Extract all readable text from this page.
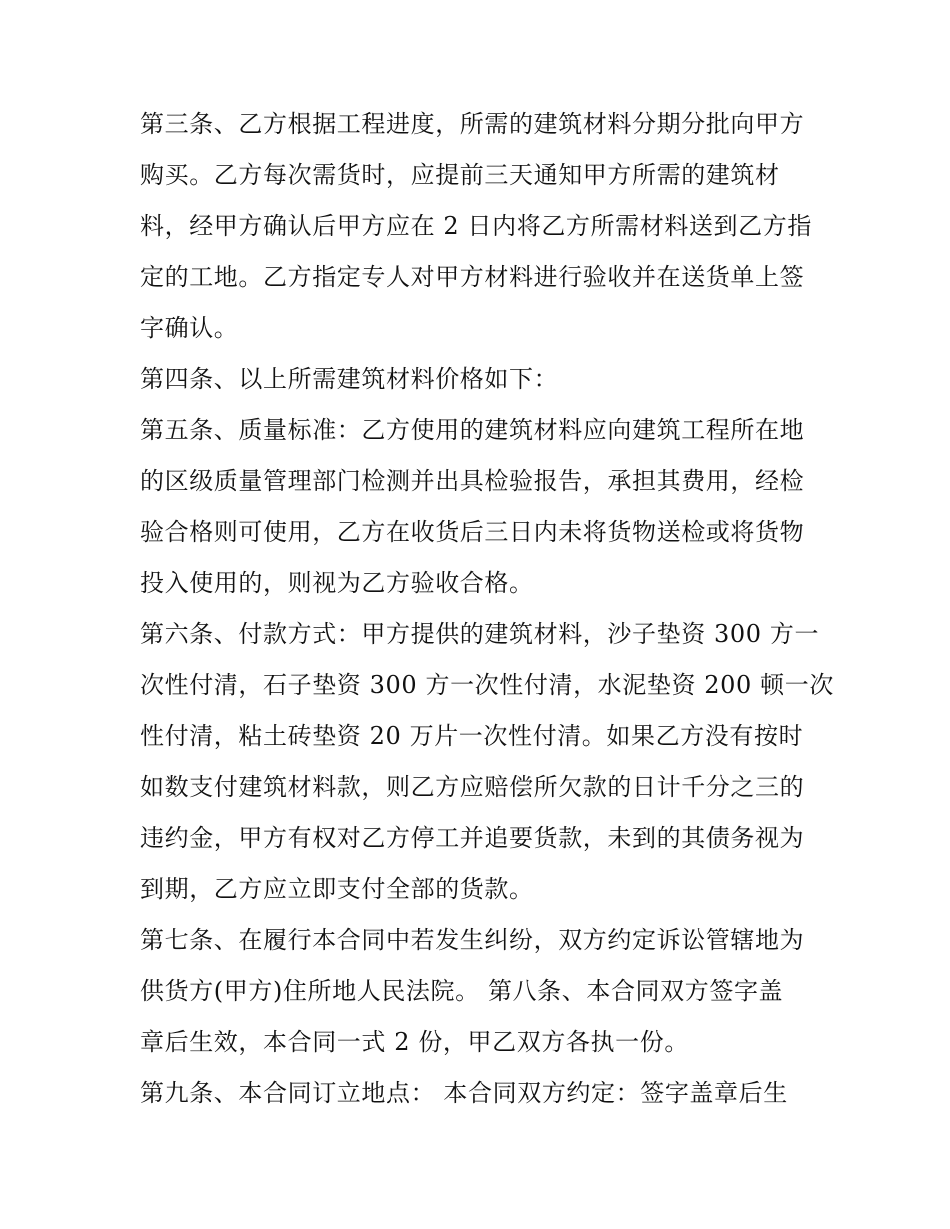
第三条、乙方根据工程进度，所需的建筑材料分期分批向甲方
购买。乙方每次需货时，应提前三天通知甲方所需的建筑材
料，经甲方确认后甲方应在 2 日内将乙方所需材料送到乙方指
定的工地。乙方指定专人对甲方材料进行验收并在送货单上签
字确认。
第四条、以上所需建筑材料价格如下：
第五条、质量标准：乙方使用的建筑材料应向建筑工程所在地
的区级质量管理部门检测并出具检验报告，承担其费用，经检
验合格则可使用，乙方在收货后三日内未将货物送检或将货物
投入使用的，则视为乙方验收合格。
第六条、付款方式：甲方提供的建筑材料，沙子垫资 300 方一
次性付清，石子垫资 300 方一次性付清，水泥垫资 200 顿一次
性付清，粘土砖垫资 20 万片一次性付清。如果乙方没有按时
如数支付建筑材料款，则乙方应赔偿所欠款的日计千分之三的
违约金，甲方有权对乙方停工并追要货款，未到的其债务视为
到期，乙方应立即支付全部的货款。
第七条、在履行本合同中若发生纠纷，双方约定诉讼管辖地为
供货方(甲方)住所地人民法院。 第八条、本合同双方签字盖
章后生效，本合同一式 2 份，甲乙双方各执一份。
第九条、本合同订立地点： 本合同双方约定：签字盖章后生
